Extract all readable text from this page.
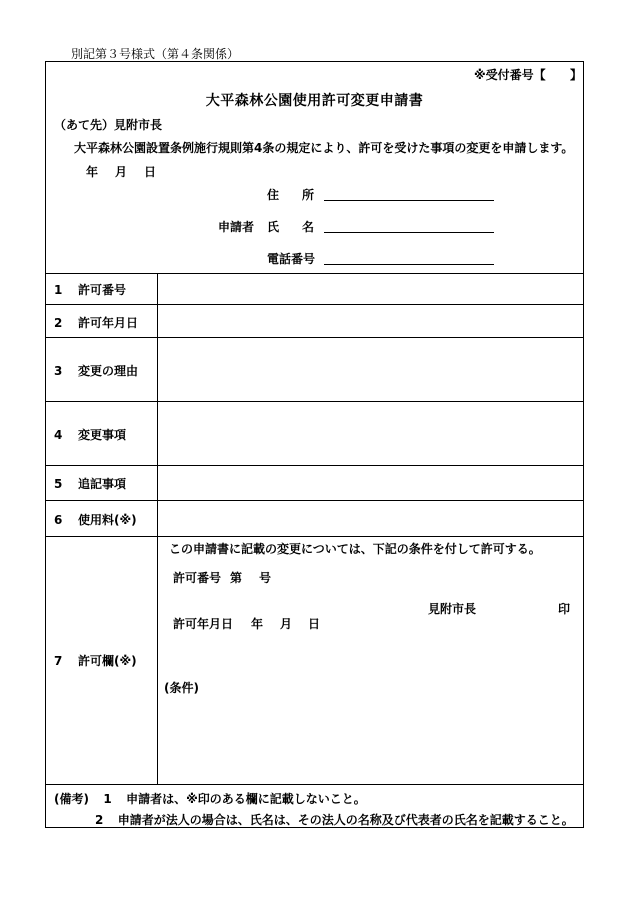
別記第３号様式（第４条関係）
※受付番号【 】
大平森林公園使用許可変更申請書
（あて先）見附市長
大平森林公園設置条例施行規則第4条の規定により、許可を受けた事項の変更を申請します。
年 月 日
住 所
申請者 氏 名
電話番号
1 許可番号
2 許可年月日
3 変更の理由
4 変更事項
5 追記事項
6 使用料(※)
7 許可欄(※)
この申請書に記載の変更については、下記の条件を付して許可する。
許可番号 第 号
見附市長	印
許可年月日 年 月 日
(条件)
(備考) 1 申請者は、※印のある欄に記載しないこと。
2 申請者が法人の場合は、氏名は、その法人の名称及び代表者の氏名を記載すること。
